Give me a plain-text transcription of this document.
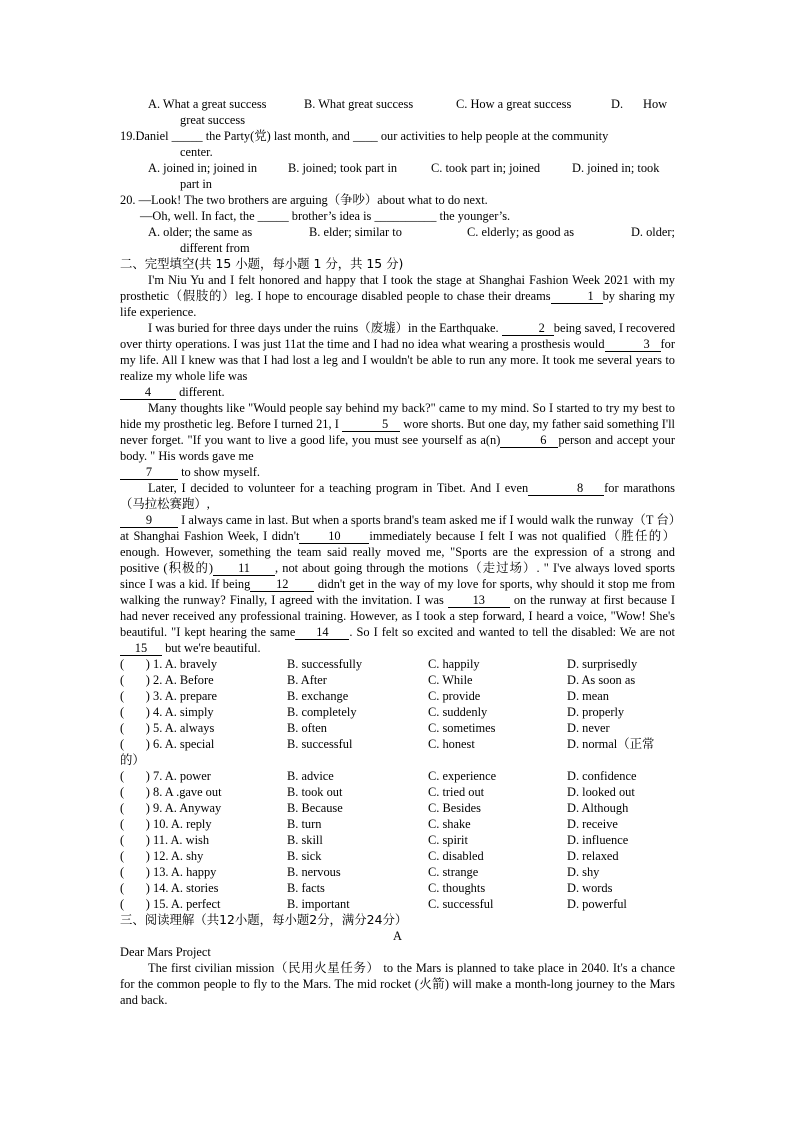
A. What a great success	B. What great success	C. How a great success	D.	How
great success
19.Daniel _____ the Party(党) last month, and ____ our activities to help people at the community
center.
A. joined in; joined in	B. joined; took part in	C. took part in; joined	D. joined in; took
part in
20. —Look! The two brothers are arguing（争吵）about what to do next.
—Oh, well. In fact, the _____ brother’s idea is __________ the younger’s.
A. older; the same as	B. elder; similar to	C. elderly; as good as	D. older;
different from
二、完型填空(共 15 小题，每小题 1 分，共 15 分)
I'm Niu Yu and I felt honored and happy that I took the stage at Shanghai Fashion Week 2021 with my prosthetic（假肢的）leg. I hope to encourage disabled people to chase their dreams	1 by sharing my life experience.
I was buried for three days under the ruins（废墟）in the Earthquake.	2 being saved, I recovered over thirty operations. I was just 11at the time and I had no idea what wearing a prosthesis would	3 for my life. All I knew was that I had lost a leg and I wouldn't be able to run any more. It took me several years to realize my whole life was
4 different.
Many thoughts like "Would people say behind my back?" came to my mind. So I started to try my best to hide my prosthetic leg. Before I turned 21, I	5 wore shorts. But one day, my father said something I'll never forget. "If you want to live a good life, you must see yourself as a(n)	6 person and accept your body. " His words gave me
7 to show myself.
Later, I decided to volunteer for a teaching program in Tibet. And I even	8 for marathons（马拉松赛跑）,
9 I always came in last. But when a sports brand's team asked me if I would walk the runway（T 台）at Shanghai Fashion Week, I didn't 10 immediately because I felt I was not qualified（胜任的）enough. However, something the team said really moved me, "Sports are the expression of a strong and positive (积极的) 11 , not about going through the motions（走过场）. " I've always loved sports since I was a kid. If being 12 didn't get in the way of my love for sports, why should it stop me from walking the runway? Finally, I agreed with the invitation. I was 13 on the runway at first because I had never received any professional training. However, as I took a step forward, I heard a voice, "Wow! She's beautiful. "I kept hearing the same 14 . So I felt so excited and wanted to tell the disabled: We are not 15 but we're beautiful.
(       ) 1. A. bravely	B. successfully	C. happily	D. surprisedly
(       ) 2. A. Before	B. After	C. While	D. As soon as
(       ) 3. A. prepare	B. exchange	C. provide	D. mean
(       ) 4. A. simply	B. completely	C. suddenly	D. properly
(       ) 5. A. always	B. often	C. sometimes	D. never
(       ) 6. A. special	B. successful	C. honest	D. normal（正常
的）
(       ) 7. A. power	B. advice	C. experience	D. confidence
(       ) 8. A .gave out	B. took out	C. tried out	D. looked out
(       ) 9. A. Anyway	B. Because	C. Besides	D. Although
(       ) 10. A. reply	B. turn	C. shake	D. receive
(       ) 11. A. wish	B. skill	C. spirit	D. influence
(       ) 12. A. shy	B. sick	C. disabled	D. relaxed
(       ) 13. A. happy	B. nervous	C. strange	D. shy
(       ) 14. A. stories	B. facts	C. thoughts	D. words
(       ) 15. A. perfect	B. important	C. successful	D. powerful
三、阅读理解（共12小题，每小题2分，满分24分）
A
Dear Mars Project
The first civilian mission（民用火星任务） to the Mars is planned to take place in 2040. It's a chance for the common people to fly to the Mars. The mid rocket (火箭) will make a month-long journey to the Mars and back.
